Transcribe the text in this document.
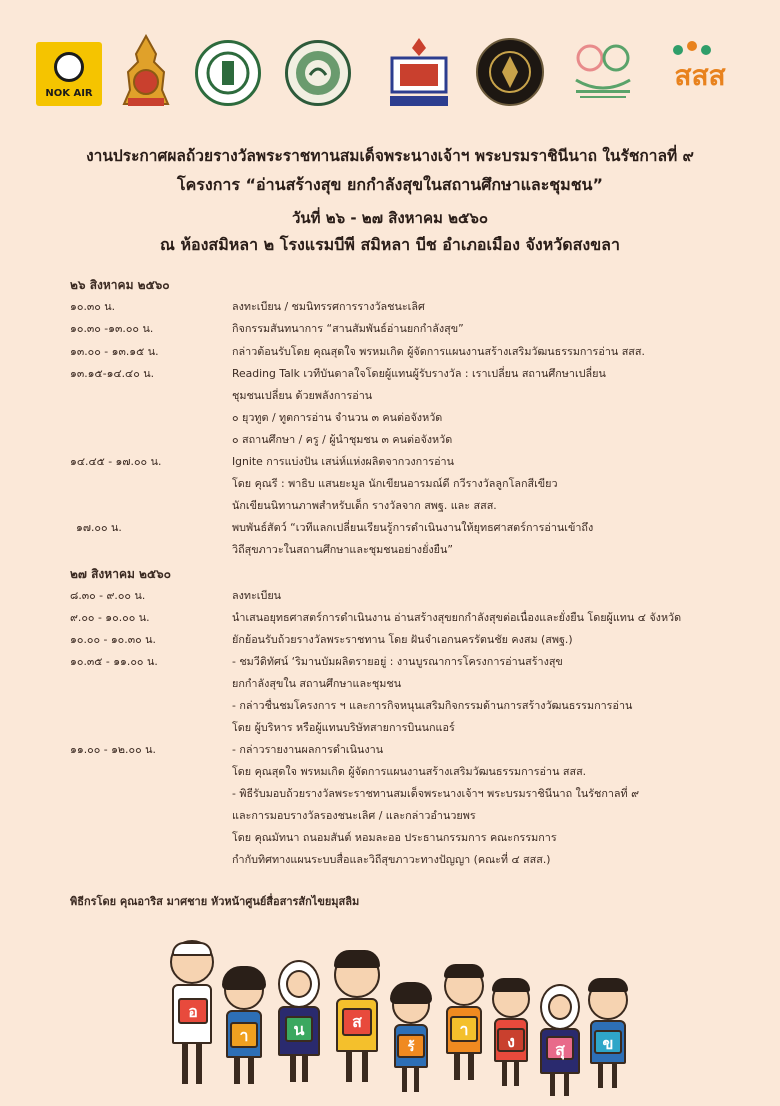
NOK AIR
สสส
งานประกาศผลถ้วยรางวัลพระราชทานสมเด็จพระนางเจ้าฯ พระบรมราชินีนาถ ในรัชกาลที่ ๙
โครงการ “อ่านสร้างสุข ยกกำลังสุขในสถานศึกษาและชุมชน”
วันที่ ๒๖ - ๒๗ สิงหาคม ๒๕๖๐
ณ ห้องสมิหลา ๒ โรงแรมบีพี สมิหลา บีช อำเภอเมือง จังหวัดสงขลา
๒๖ สิงหาคม ๒๕๖๐
๑๐.๓๐ น.	ลงทะเบียน / ชมนิทรรศการรางวัลชนะเลิศ
๑๐.๓๐ -๑๓.๐๐ น.	กิจกรรมสันทนาการ “สานสัมพันธ์อ่านยกกำลังสุข”
๑๓.๐๐ - ๑๓.๑๕ น.	กล่าวต้อนรับโดย คุณสุดใจ พรหมเกิด ผู้จัดการแผนงานสร้างเสริมวัฒนธรรมการอ่าน สสส.
๑๓.๑๕-๑๔.๔๐ น.	Reading Talk เวทีบันดาลใจโดยผู้แทนผู้รับรางวัล : เราเปลี่ยน สถานศึกษาเปลี่ยน
ชุมชนเปลี่ยน ด้วยพลังการอ่าน
๐ ยุวทูต / ทูตการอ่าน จำนวน ๓ คนต่อจังหวัด
๐ สถานศึกษา / ครู / ผู้นำชุมชน ๓ คนต่อจังหวัด
๑๔.๔๕ - ๑๗.๐๐ น.	Ignite การแบ่งปัน เสน่ห์แห่งผลิตจากวงการอ่าน
โดย คุณรี : พาธิบ แสนยะมูล นักเขียนอารมณ์ดี กวีรางวัลลูกโลกสีเขียว
นักเขียนนิทานภาพสำหรับเด็ก รางวัลจาก สพฐ. และ สสส.
๑๗.๐๐ น.	พบพันธ์สัตว์ “เวทีแลกเปลี่ยนเรียนรู้การดำเนินงานให้ยุทธศาสตร์การอ่านเข้าถึง
วิถีสุขภาวะในสถานศึกษาและชุมชนอย่างยั่งยืน”
๒๗ สิงหาคม ๒๕๖๐
๘.๓๐ - ๙.๐๐ น.	ลงทะเบียน
๙.๐๐ - ๑๐.๐๐ น.	นำเสนอยุทธศาสตร์การดำเนินงาน อ่านสร้างสุขยกกำลังสุขต่อเนื่องและยั่งยืน โดยผู้แทน ๔ จังหวัด
๑๐.๐๐ - ๑๐.๓๐ น.	ยักย้อนรับถ้วยรางวัลพระราชทาน โดย ฝันจำเอกนครรัตนชัย คงสม (สพฐ.)
๑๐.๓๕ - ๑๑.๐๐ น.	- ชมวีดิทัศน์ ‘ริมานบัมผลิตรายอยู่ : งานบูรณาการโครงการอ่านสร้างสุข
ยกกำลังสุขใน สถานศึกษาและชุมชน
- กล่าวชื่นชมโครงการ ฯ และการกิจหนุนเสริมกิจกรรมด้านการสร้างวัฒนธรรมการอ่าน
โดย ผู้บริหาร หรือผู้แทนบริษัทสายการบินนกแอร์
๑๑.๐๐ - ๑๒.๐๐ น.	- กล่าวรายงานผลการดำเนินงาน
โดย คุณสุดใจ พรหมเกิด ผู้จัดการแผนงานสร้างเสริมวัฒนธรรมการอ่าน สสส.
- พิธีรับมอบถ้วยรางวัลพระราชทานสมเด็จพระนางเจ้าฯ พระบรมราชินีนาถ ในรัชกาลที่ ๙
และการมอบรางวัลรองชนะเลิศ / และกล่าวอำนวยพร
โดย คุณมัทนา ถนอมสันต์ หอมละออ ประธานกรรมการ คณะกรรมการ
กำกับทิศทางแผนระบบสื่อและวิถีสุขภาวะทางปัญญา (คณะที่ ๔ สสส.)
พิธีกรโดย คุณอาริส มาศชาย หัวหน้าศูนย์สื่อสารสักไขยมุสลิม
อ
า	น	ส
ร้
า
ง	สุ	ข
